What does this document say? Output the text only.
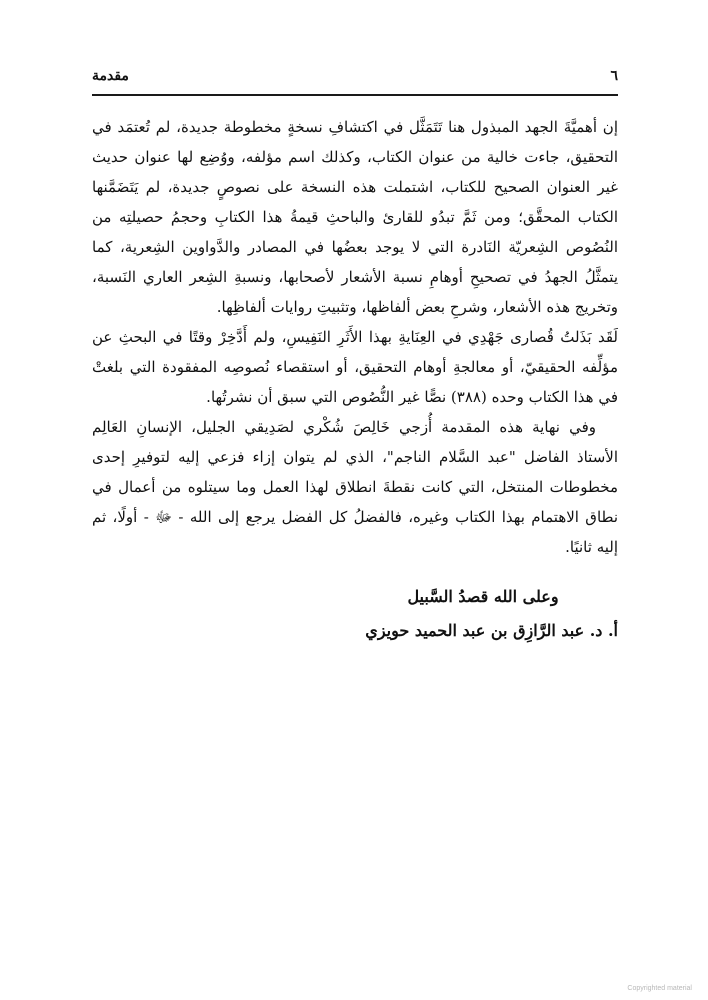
مقدمة	٦

إن أهميَّةَ الجهد المبذول هنا تَتَمَثَّل في اكتشافِ نسخةٍ مخطوطة جديدة، لم تُعتمَد في التحقيق، جاءت خالية من عنوان الكتاب، وكذلك اسم مؤلفه، ووُضِع لها عنوان حديث غير العنوان الصحيح للكتاب، اشتملت هذه النسخة على نصوصٍ جديدة، لم يَتَضَمَّنها الكتاب المحقَّق؛ ومن ثَمَّ تبدُو للقارئ والباحثِ قيمةُ هذا الكتابِ وحجمُ حصيلتِه من النُصُوص الشِعريّة النَادرة التي لا يوجد بعضُها في المصادر والدَّواوين الشِعرية، كما يتمثَّلُ الجهدُ في تصحيحِ أوهامِ نسبة الأشعار لأصحابها، ونسبةِ الشِعر العاري النَسبة، وتخريج هذه الأشعار، وشرحِ بعض ألفاظها، وتثبيتِ روايات ألفاظِها.

لَقَد بَذَلتُ قُصارى جَهْدِي في العِنَايةِ بهذا الأَثَرِ النَفِيسِ، ولم أَدَّخِرْ وقتًا في البحثِ عن مؤلِّفه الحقيقيّ، أو معالجةِ أوهام التحقيق، أو استقصاء نُصوصِه المفقودة التي بلغتْ في هذا الكتاب وحده (٣٨٨) نصًّا غير النُّصُوص التي سبق أن نشرتُها.

وفي نهاية هذه المقدمة أُزجي خَالِصَ شُكْري لصَدِيقي الجليل، الإنسانِ العَالِم الأستاذ الفاضل "عبد السَّلام الناجم"، الذي لم يتوان إزاء فزعي إليه لتوفيرِ إحدى مخطوطات المنتخل، التي كانت نقطةَ انطلاق لهذا العمل وما سيتلوه من أعمال في نطاق الاهتمام بهذا الكتاب وغيره، فالفضلُ كل الفضل يرجع إلى الله - ﷻ - أولًا، ثم إليه ثانيًا.

وعلى الله قصدُ السَّبيل
أ. د. عبد الرَّازِق بن عبد الحميد حويزي
Copyrighted material
